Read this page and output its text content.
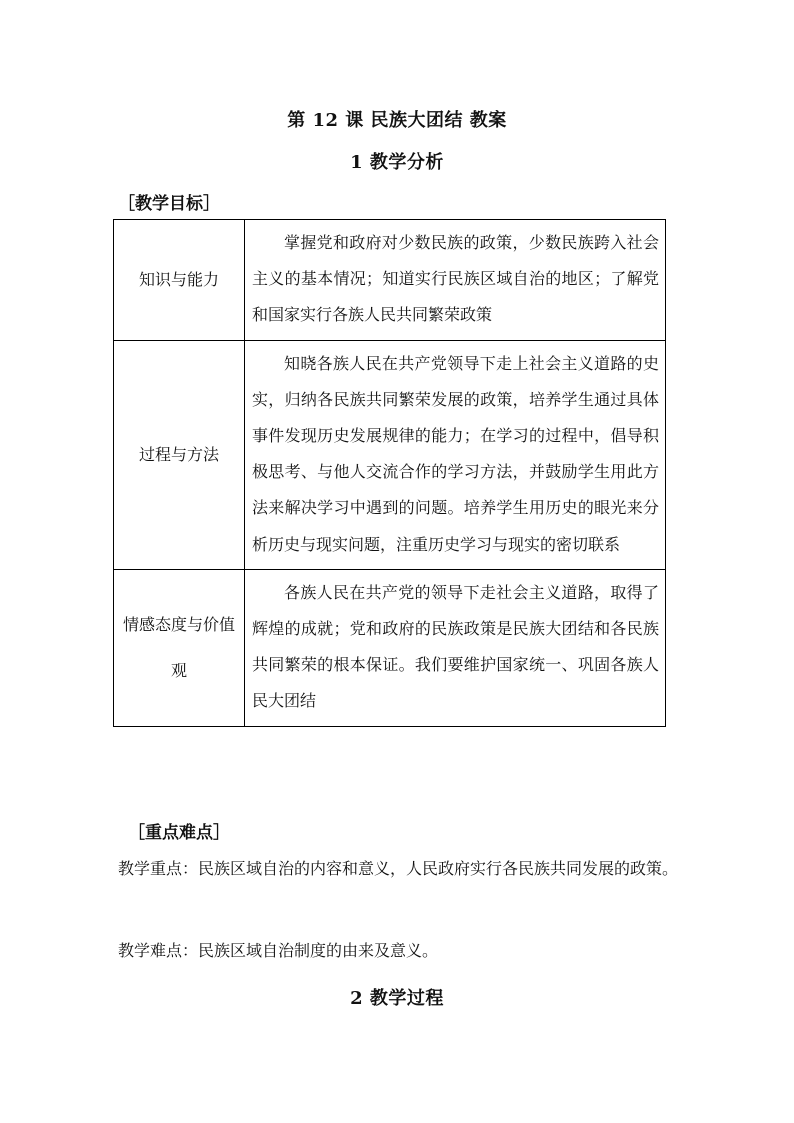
第 12 课 民族大团结 教案
1 教学分析
［教学目标］
知识与能力	掌握党和政府对少数民族的政策，少数民族跨入社会主义的基本情况；知道实行民族区域自治的地区；了解党和国家实行各族人民共同繁荣政策
过程与方法	知晓各族人民在共产党领导下走上社会主义道路的史实，归纳各民族共同繁荣发展的政策，培养学生通过具体事件发现历史发展规律的能力；在学习的过程中，倡导积极思考、与他人交流合作的学习方法，并鼓励学生用此方法来解决学习中遇到的问题。培养学生用历史的眼光来分析历史与现实问题，注重历史学习与现实的密切联系
情感态度与价值观	各族人民在共产党的领导下走社会主义道路，取得了辉煌的成就；党和政府的民族政策是民族大团结和各民族共同繁荣的根本保证。我们要维护国家统一、巩固各族人民大团结
［重点难点］
教学重点：民族区域自治的内容和意义，人民政府实行各民族共同发展的政策。
教学难点：民族区域自治制度的由来及意义。
2 教学过程
